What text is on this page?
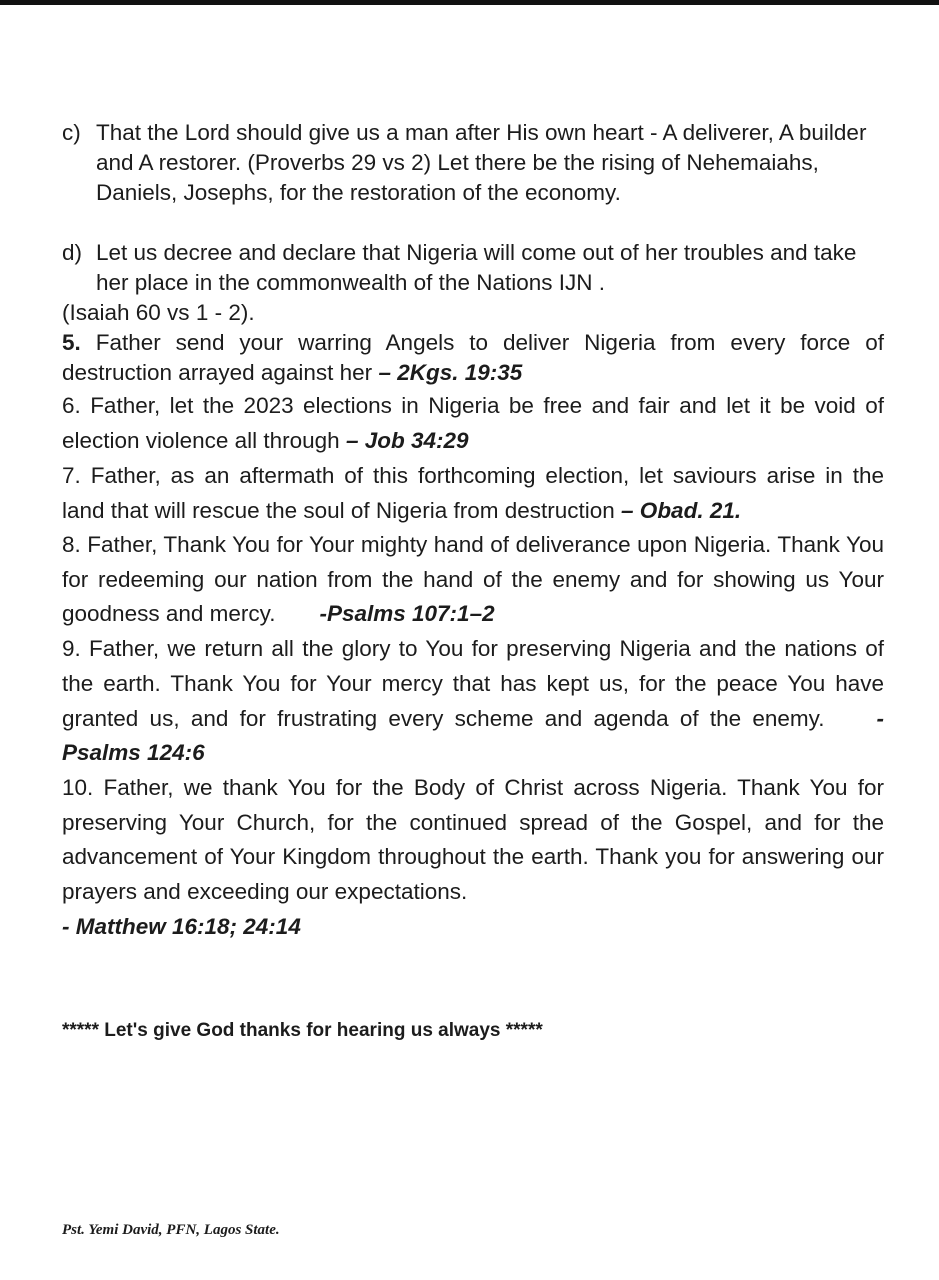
c) That the Lord should give us a man after His own heart - A deliverer, A builder and A restorer. (Proverbs 29 vs 2) Let there be the rising of Nehemaiahs, Daniels, Josephs, for the restoration of the economy.
d) Let us decree and declare that Nigeria will come out of her troubles and take her place in the commonwealth of the Nations IJN .
(Isaiah 60 vs 1 - 2).
5. Father send your warring Angels to deliver Nigeria from every force of destruction arrayed against her – 2Kgs. 19:35
6. Father, let the 2023 elections in Nigeria be free and fair and let it be void of election violence all through – Job 34:29
7. Father, as an aftermath of this forthcoming election, let saviours arise in the land that will rescue the soul of Nigeria from destruction – Obad. 21.
8. Father, Thank You for Your mighty hand of deliverance upon Nigeria. Thank You for redeeming our nation from the hand of the enemy and for showing us Your goodness and mercy. -Psalms 107:1–2
9. Father, we return all the glory to You for preserving Nigeria and the nations of the earth. Thank You for Your mercy that has kept us, for the peace You have granted us, and for frustrating every scheme and agenda of the enemy. - Psalms 124:6
10. Father, we thank You for the Body of Christ across Nigeria. Thank You for preserving Your Church, for the continued spread of the Gospel, and for the advancement of Your Kingdom throughout the earth. Thank you for answering our prayers and exceeding our expectations.
- Matthew 16:18; 24:14
***** Let's give God thanks for hearing us always *****
Pst. Yemi David, PFN, Lagos State.
